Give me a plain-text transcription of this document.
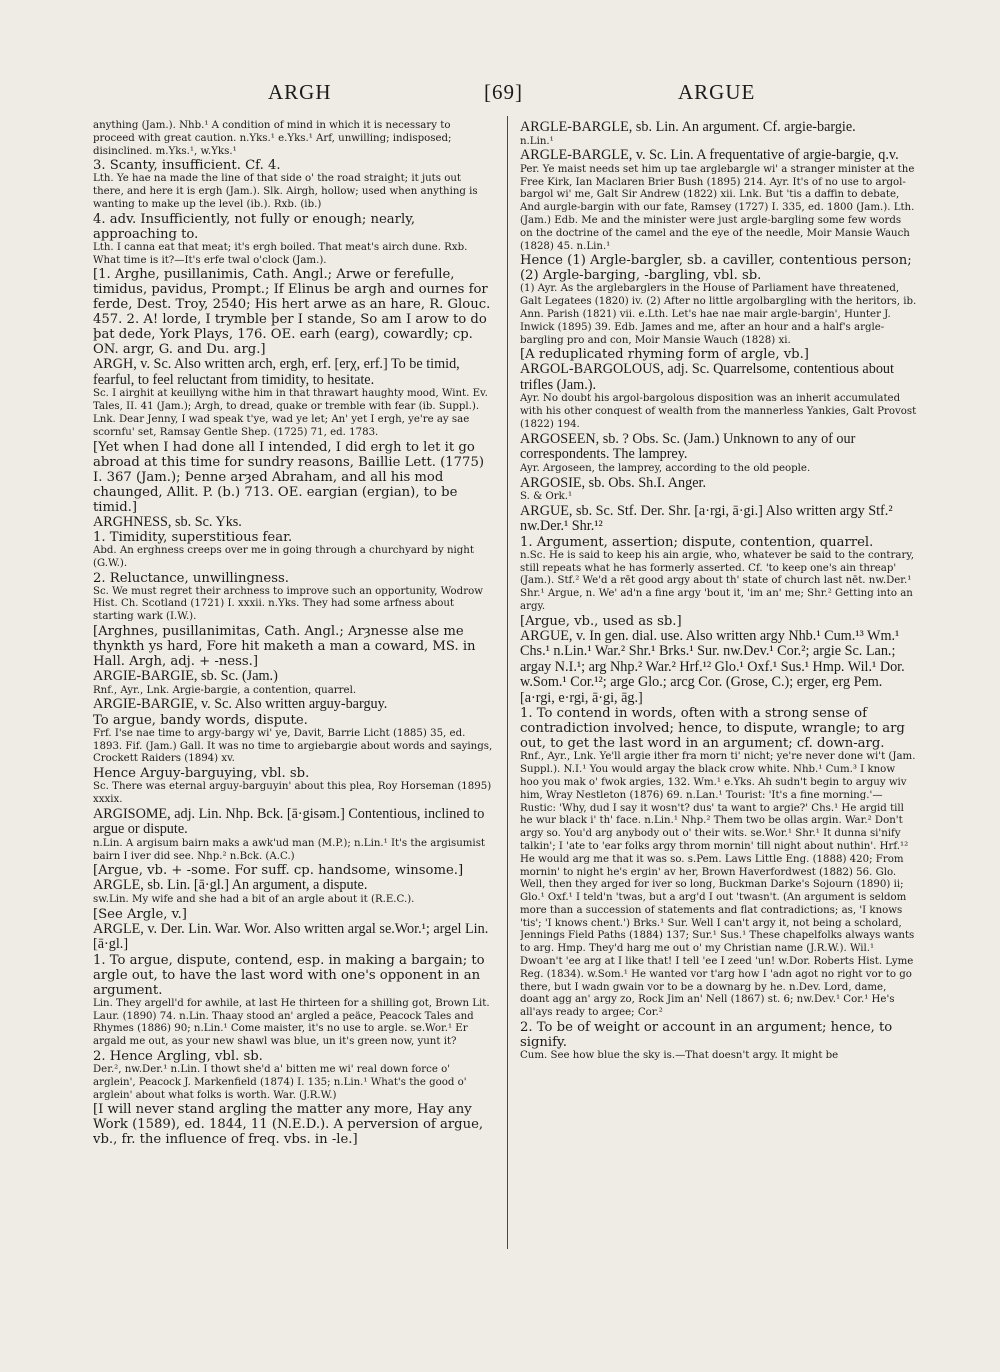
ARGH	[69]	ARGUE

anything (Jam.). Nhb.¹ A condition of mind in which it is necessary to proceed with great caution. n.Yks.¹ e.Yks.¹ Arf, unwilling; indisposed; disinclined. m.Yks.¹, w.Yks.¹

3. Scanty, insufficient. Cf. 4.

Lth. Ye hae na made the line of that side o' the road straight; it juts out there, and here it is ergh (Jam.). Slk. Airgh, hollow; used when anything is wanting to make up the level (ib.). Rxb. (ib.)

4. adv. Insufficiently, not fully or enough; nearly, approaching to.

Lth. I canna eat that meat; it's ergh boiled. That meat's airch dune. Rxb. What time is it?—It's erfe twal o'clock (Jam.).

[1. Arghe, pusillanimis, Cath. Angl.; Arwe or ferefulle, timidus, pavidus, Prompt.; If Elinus be argh and ournes for ferde, Dest. Troy, 2540; His hert arwe as an hare, R. Glouc. 457. 2. A! lorde, I trymble þer I stande, So am I arow to do þat dede, York Plays, 176. OE. earh (earg), cowardly; cp. ON. argr, G. and Du. arg.]

ARGH, v. Sc. Also written arch, ergh, erf. [erχ, erf.] To be timid, fearful, to feel reluctant from timidity, to hesitate.

Sc. I airghit at keuillyng withe him in that thrawart haughty mood, Wint. Ev. Tales, II. 41 (Jam.); Argh, to dread, quake or tremble with fear (ib. Suppl.). Lnk. Dear Jenny, I wad speak t'ye, wad ye let; An' yet I ergh, ye're ay sae scornfu' set, Ramsay Gentle Shep. (1725) 71, ed. 1783.

[Yet when I had done all I intended, I did ergh to let it go abroad at this time for sundry reasons, Baillie Lett. (1775) I. 367 (Jam.); Þenne arȝed Abraham, and all his mod chaunged, Allit. P. (b.) 713. OE. eargian (ergian), to be timid.]

ARGHNESS, sb. Sc. Yks.

1. Timidity, superstitious fear.

Abd. An erghness creeps over me in going through a churchyard by night (G.W.).

2. Reluctance, unwillingness.

Sc. We must regret their archness to improve such an opportunity, Wodrow Hist. Ch. Scotland (1721) I. xxxii. n.Yks. They had some arfness about starting wark (I.W.).

[Arghnes, pusillanimitas, Cath. Angl.; Arȝnesse alse me thynkth ys hard, Fore hit maketh a man a coward, MS. in Hall. Argh, adj. + -ness.]

ARGIE-BARGIE, sb. Sc. (Jam.)

Rnf., Ayr., Lnk. Argie-bargie, a contention, quarrel.

ARGIE-BARGIE, v. Sc. Also written arguy-barguy.

To argue, bandy words, dispute.

Frf. I'se nae time to argy-bargy wi' ye, Davit, Barrie Licht (1885) 35, ed. 1893. Fif. (Jam.) Gall. It was no time to argiebargie about words and sayings, Crockett Raiders (1894) xv.

Hence Arguy-barguying, vbl. sb.

Sc. There was eternal arguy-barguyin' about this plea, Roy Horseman (1895) xxxix.

ARGISOME, adj. Lin. Nhp. Bck. [ā·gisəm.] Contentious, inclined to argue or dispute.

n.Lin. A argisum bairn maks a awk'ud man (M.P.); n.Lin.¹ It's the argisumist bairn I iver did see. Nhp.² n.Bck. (A.C.)

[Argue, vb. + -some. For suff. cp. handsome, winsome.]

ARGLE, sb. Lin. [ā·gl.] An argument, a dispute.

sw.Lin. My wife and she had a bit of an argle about it (R.E.C.).

[See Argle, v.]

ARGLE, v. Der. Lin. War. Wor. Also written argal se.Wor.¹; argel Lin. [ā·gl.]

1. To argue, dispute, contend, esp. in making a bargain; to argle out, to have the last word with one's opponent in an argument.

Lin. They argell'd for awhile, at last He thirteen for a shilling got, Brown Lit. Laur. (1890) 74. n.Lin. Thaay stood an' argled a peäce, Peacock Tales and Rhymes (1886) 90; n.Lin.¹ Come maister, it's no use to argle. se.Wor.¹ Er argald me out, as your new shawl was blue, un it's green now, yunt it?

2. Hence Argling, vbl. sb.

Der.², nw.Der.¹ n.Lin. I thowt she'd a' bitten me wi' real down force o' arglein', Peacock J. Markenfield (1874) I. 135; n.Lin.¹ What's the good o' arglein' about what folks is worth. War. (J.R.W.)

[I will never stand argling the matter any more, Hay any Work (1589), ed. 1844, 11 (N.E.D.). A perversion of argue, vb., fr. the influence of freq. vbs. in -le.]

ARGLE-BARGLE, sb. Lin. An argument. Cf. argie-bargie.

n.Lin.¹

ARGLE-BARGLE, v. Sc. Lin. A frequentative of argie-bargie, q.v.

Per. Ye maist needs set him up tae arglebargle wi' a stranger minister at the Free Kirk, Ian Maclaren Brier Bush (1895) 214. Ayr. It's of no use to argol-bargol wi' me, Galt Sir Andrew (1822) xii. Lnk. But 'tis a daffin to debate, And aurgle-bargin with our fate, Ramsey (1727) I. 335, ed. 1800 (Jam.). Lth. (Jam.) Edb. Me and the minister were just argle-bargling some few words on the doctrine of the camel and the eye of the needle, Moir Mansie Wauch (1828) 45. n.Lin.¹

Hence (1) Argle-bargler, sb. a caviller, contentious person; (2) Argle-barging, -bargling, vbl. sb.

(1) Ayr. As the arglebarglers in the House of Parliament have threatened, Galt Legatees (1820) iv. (2) After no little argolbargling with the heritors, ib. Ann. Parish (1821) vii. e.Lth. Let's hae nae mair argle-bargin', Hunter J. Inwick (1895) 39. Edb. James and me, after an hour and a half's argle-bargling pro and con, Moir Mansie Wauch (1828) xi.

[A reduplicated rhyming form of argle, vb.]

ARGOL-BARGOLOUS, adj. Sc. Quarrelsome, contentious about trifles (Jam.).

Ayr. No doubt his argol-bargolous disposition was an inherit accumulated with his other conquest of wealth from the mannerless Yankies, Galt Provost (1822) 194.

ARGOSEEN, sb. ? Obs. Sc. (Jam.) Unknown to any of our correspondents. The lamprey.

Ayr. Argoseen, the lamprey, according to the old people.

ARGOSIE, sb. Obs. Sh.I. Anger.

S. & Ork.¹

ARGUE, sb. Sc. Stf. Der. Shr. [a·rgi, ā·gi.] Also written argy Stf.² nw.Der.¹ Shr.¹²

1. Argument, assertion; dispute, contention, quarrel.

n.Sc. He is said to keep his ain argie, who, whatever be said to the contrary, still repeats what he has formerly asserted. Cf. 'to keep one's ain threap' (Jam.). Stf.² We'd a rēt good argy about th' state of church last nēt. nw.Der.¹ Shr.¹ Argue, n. We' ad'n a fine argy 'bout it, 'im an' me; Shr.² Getting into an argy.

[Argue, vb., used as sb.]

ARGUE, v. In gen. dial. use. Also written argy Nhb.¹ Cum.¹³ Wm.¹ Chs.¹ n.Lin.¹ War.² Shr.¹ Brks.¹ Sur. nw.Dev.¹ Cor.²; argie Sc. Lan.; argay N.I.¹; arg Nhp.² War.² Hrf.¹² Glo.¹ Oxf.¹ Sus.¹ Hmp. Wil.¹ Dor. w.Som.¹ Cor.¹²; arge Glo.; arcg Cor. (Grose, C.); erger, erg Pem. [a·rgi, e·rgi, ā·gi, āg.]

1. To contend in words, often with a strong sense of contradiction involved; hence, to dispute, wrangle; to arg out, to get the last word in an argument; cf. down-arg.

Rnf., Ayr., Lnk. Ye'll argie ither fra morn ti' nicht; ye're never done wi't (Jam. Suppl.). N.I.¹ You would argay the black crow white. Nhb.¹ Cum.³ I know hoo you mak o' fwok argies, 132. Wm.¹ e.Yks. Ah sudn't begin to arguy wiv him, Wray Nestleton (1876) 69. n.Lan.¹ Tourist: 'It's a fine morning.'—Rustic: 'Why, dud I say it wosn't? dus' ta want to argie?' Chs.¹ He argid till he wur black i' th' face. n.Lin.¹ Nhp.² Them two be ollas argin. War.² Don't argy so. You'd arg anybody out o' their wits. se.Wor.¹ Shr.¹ It dunna si'nify talkin'; I 'ate to 'ear folks argy throm mornin' till night about nuthin'. Hrf.¹² He would arg me that it was so. s.Pem. Laws Little Eng. (1888) 420; From mornin' to night he's ergin' av her, Brown Haverfordwest (1882) 56. Glo. Well, then they arged for iver so long, Buckman Darke's Sojourn (1890) ii; Glo.¹ Oxf.¹ I teld'n 'twas, but a arg'd I out 'twasn't. (An argument is seldom more than a succession of statements and flat contradictions; as, 'I knows 'tis'; 'I knows chent.') Brks.¹ Sur. Well I can't argy it, not being a scholard, Jennings Field Paths (1884) 137; Sur.¹ Sus.¹ These chapelfolks always wants to arg. Hmp. They'd harg me out o' my Christian name (J.R.W.). Wil.¹ Dwoan't 'ee arg at I like that! I tell 'ee I zeed 'un! w.Dor. Roberts Hist. Lyme Reg. (1834). w.Som.¹ He wanted vor t'arg how I 'adn agot no right vor to go there, but I wadn gwain vor to be a downarg by he. n.Dev. Lord, dame, doant agg an' argy zo, Rock Jim an' Nell (1867) st. 6; nw.Dev.¹ Cor.¹ He's all'ays ready to argee; Cor.²

2. To be of weight or account in an argument; hence, to signify.

Cum. See how blue the sky is.—That doesn't argy. It might be
